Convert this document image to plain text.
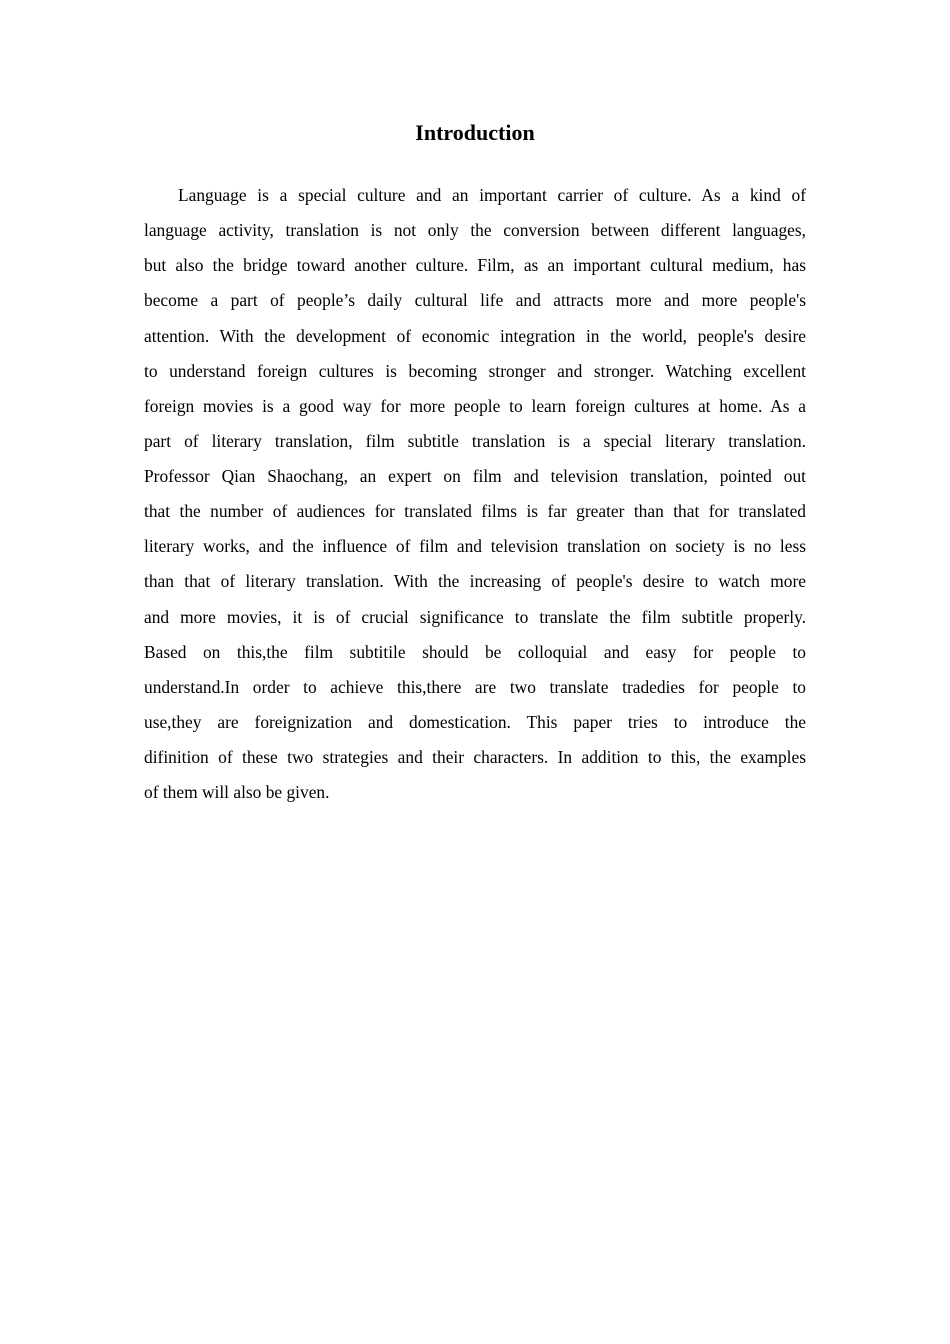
Introduction
Language is a special culture and an important carrier of culture. As a kind of
language activity, translation is not only the conversion between different languages,
but also the bridge toward another culture. Film, as an important cultural medium, has
become a part of people’s daily cultural life and attracts more and more people's
attention. With the development of economic integration in the world, people's desire
to understand foreign cultures is becoming stronger and stronger. Watching excellent
foreign movies is a good way for more people to learn foreign cultures at home. As a
part of literary translation, film subtitle translation is a special literary translation.
Professor Qian Shaochang, an expert on film and television translation, pointed out
that the number of audiences for translated films is far greater than that for translated
literary works, and the influence of film and television translation on society is no less
than that of literary translation. With the increasing of people's desire to watch more
and more movies, it is of crucial significance to translate the film subtitle properly.
Based on this,the film subtitile should be colloquial and easy for people to
understand.In order to achieve this,there are two translate tradedies for people to
use,they are foreignization and domestication. This paper tries to introduce the
difinition of these two strategies and their characters. In addition to this, the examples
of them will also be given.
